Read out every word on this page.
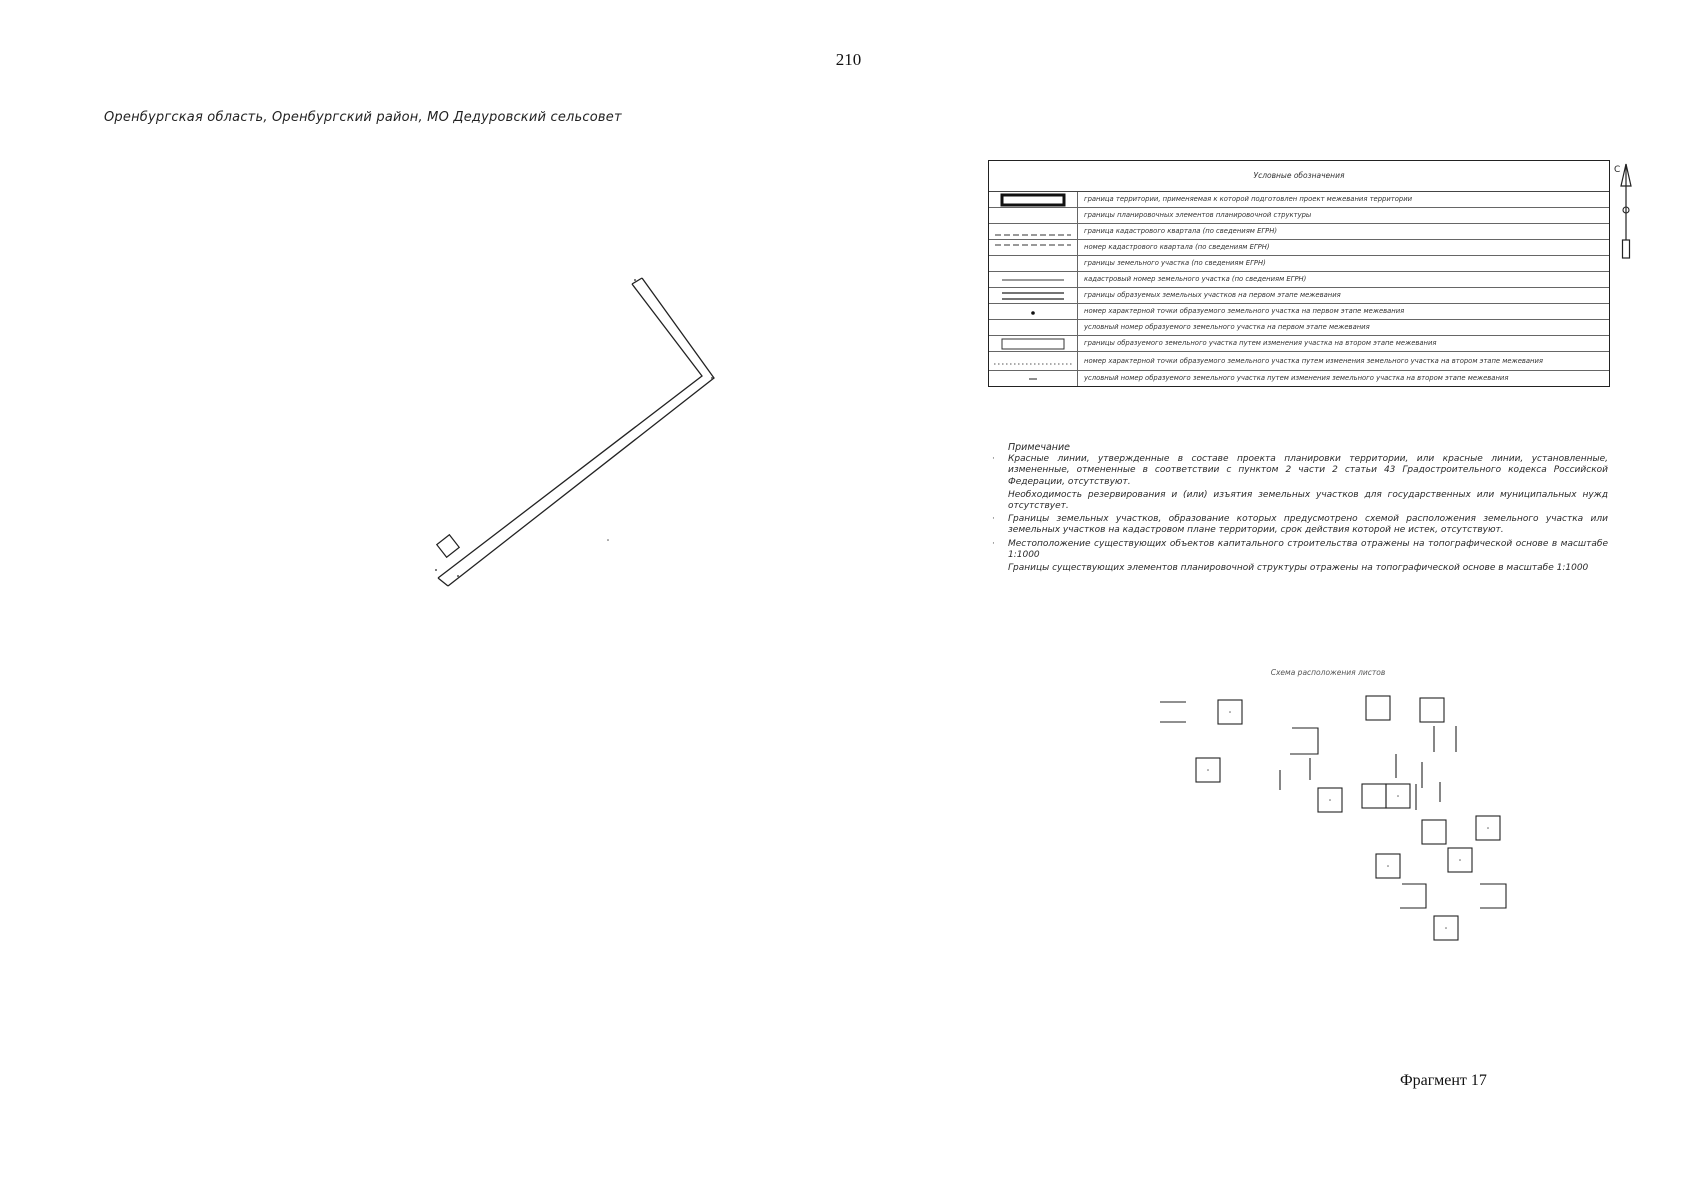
210
Оренбургская область, Оренбургский район, МО Дедуровский сельсовет
Условные обозначения
граница территории, применяемая к которой подготовлен проект межевания территории
границы планировочных элементов планировочной структуры
граница кадастрового квартала (по сведениям ЕГРН)
номер кадастрового квартала (по сведениям ЕГРН)
границы земельного участка (по сведениям ЕГРН)
кадастровый номер земельного участка (по сведениям ЕГРН)
границы образуемых земельных участков на первом этапе межевания
номер характерной точки образуемого земельного участка на первом этапе межевания
условный номер образуемого земельного участка на первом этапе межевания
границы образуемого земельного участка путем изменения участка на втором этапе межевания
номер характерной точки образуемого земельного участка путем изменения земельного участка на втором этапе межевания
условный номер образуемого земельного участка путем изменения земельного участка на втором этапе межевания
С
Примечание
· Красные линии, утвержденные в составе проекта планировки территории, или красные линии, установленные, измененные, отмененные в соответствии с пунктом 2 части 2 статьи 43 Градостроительного кодекса Российской Федерации, отсутствуют.
Необходимость резервирования и (или) изъятия земельных участков для государственных или муниципальных нужд отсутствует.
· Границы земельных участков, образование которых предусмотрено схемой расположения земельного участка или земельных участков на кадастровом плане территории, срок действия которой не истек, отсутствуют.
· Местоположение существующих объектов капитального строительства отражены на топографической основе в масштабе 1:1000
Границы существующих элементов планировочной структуры отражены на топографической основе в масштабе 1:1000
Схема расположения листов
Фрагмент 17
